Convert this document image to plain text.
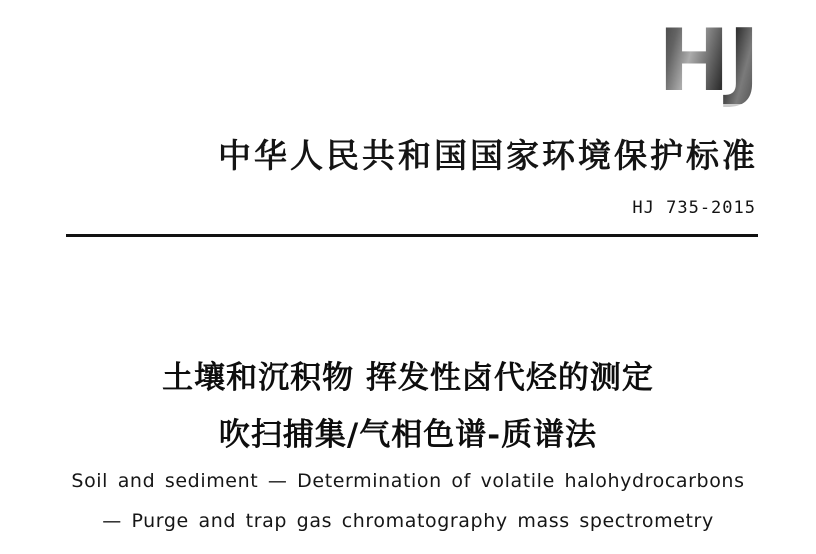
HJ
中华人民共和国国家环境保护标准
HJ 735-2015
土壤和沉积物 挥发性卤代烃的测定
吹扫捕集/气相色谱-质谱法
Soil and sediment — Determination of volatile halohydrocarbons
— Purge and trap gas chromatography mass spectrometry
